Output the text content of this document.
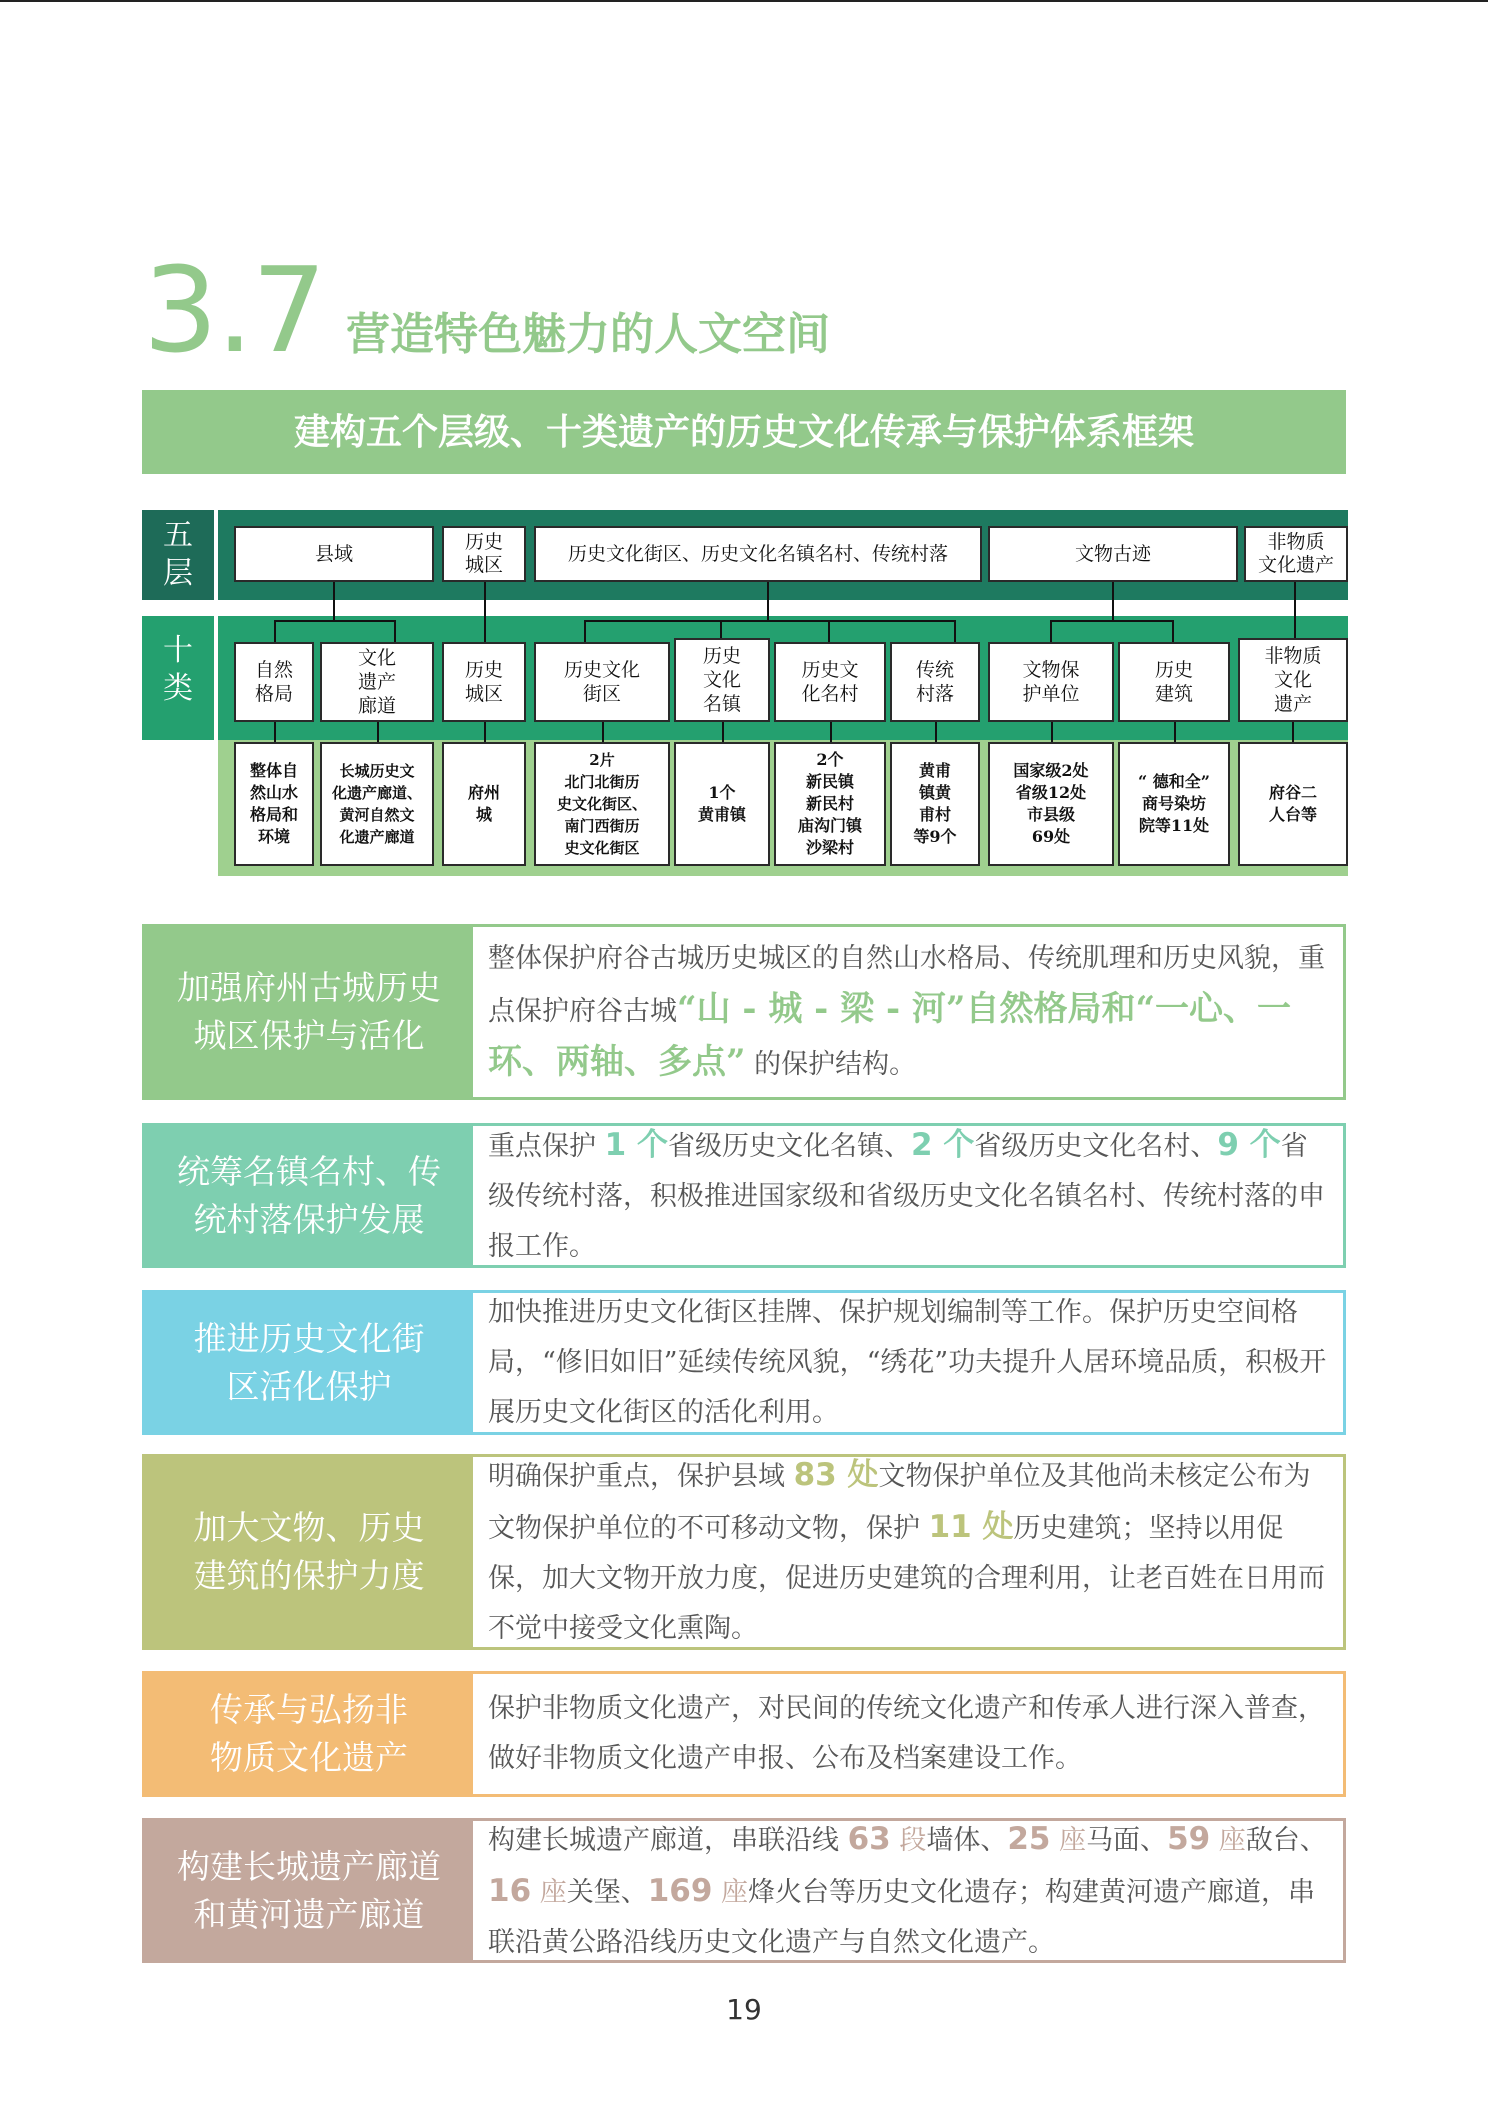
3.7 营造特色魅力的人文空间
建构五个层级、十类遗产的历史文化传承与保护体系框架
五层
十类
县域
历史
城区
历史文化街区、历史文化名镇名村、传统村落	文物古迹
非物质
文化遗产
自然
格局
文化
遗产
廊道
历史
城区
历史文化
街区
历史
文化
名镇
历史文
化名村
传统
村落
文物保
护单位
历史
建筑
非物质
文化
遗产
整体自
然山水
格局和
环境
长城历史文
化遗产廊道、
黄河自然文
化遗产廊道
府州
城
2片
北门北街历
史文化街区、
南门西街历
史文化街区
1个
黄甫镇
2个
新民镇
新民村
庙沟门镇
沙梁村
黄甫
镇黄
甫村
等9个
国家级2处
省级12处
市县级
69处
“ 德和全”
商号染坊
院等11处
府谷二
人台等
加强府州古城历史
城区保护与活化
整体保护府谷古城历史城区的自然山水格局、传统肌理和历史风貌，重点保护府谷古城“山 - 城 - 梁 - 河”自然格局和“一心、一环、两轴、多点” 的保护结构。
统筹名镇名村、传
统村落保护发展
重点保护 1 个省级历史文化名镇、2 个省级历史文化名村、9 个省级传统村落，积极推进国家级和省级历史文化名镇名村、传统村落的申报工作。
推进历史文化街
区活化保护
加快推进历史文化街区挂牌、保护规划编制等工作。保护历史空间格局，“修旧如旧”延续传统风貌，“绣花”功夫提升人居环境品质，积极开展历史文化街区的活化利用。
加大文物、历史
建筑的保护力度
明确保护重点，保护县域 83 处文物保护单位及其他尚未核定公布为文物保护单位的不可移动文物，保护 11 处历史建筑；坚持以用促保，加大文物开放力度，促进历史建筑的合理利用，让老百姓在日用而不觉中接受文化熏陶。
传承与弘扬非
物质文化遗产
保护非物质文化遗产，对民间的传统文化遗产和传承人进行深入普查，做好非物质文化遗产申报、公布及档案建设工作。
构建长城遗产廊道
和黄河遗产廊道
构建长城遗产廊道，串联沿线 63 段墙体、25 座马面、59 座敌台、16 座关堡、169 座烽火台等历史文化遗存；构建黄河遗产廊道，串联沿黄公路沿线历史文化遗产与自然文化遗产。
19
